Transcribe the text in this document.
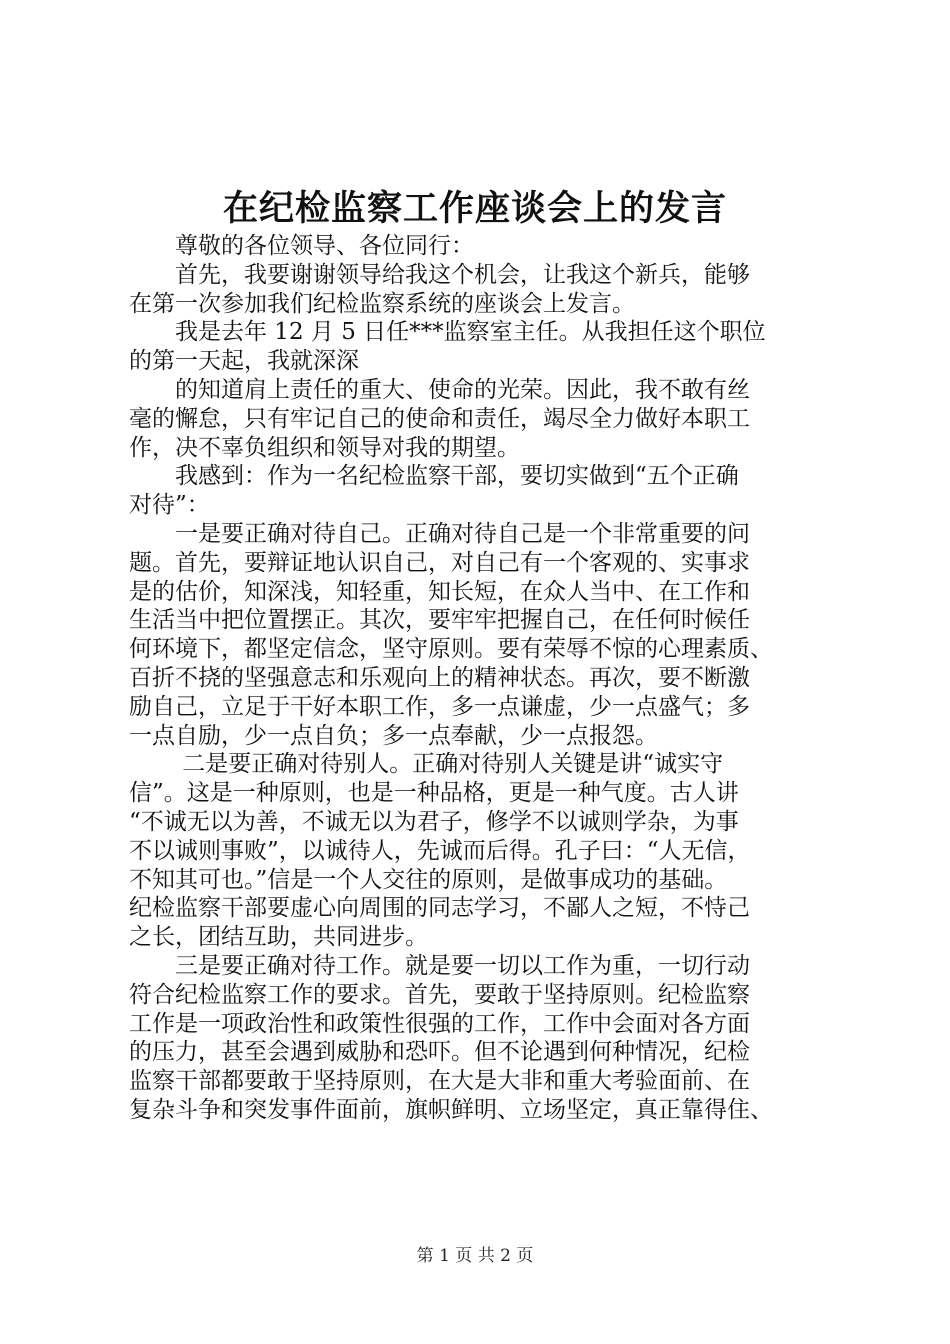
在纪检监察工作座谈会上的发言
　　尊敬的各位领导、各位同行：
　　首先，我要谢谢领导给我这个机会，让我这个新兵，能够
在第一次参加我们纪检监察系统的座谈会上发言。
　　我是去年 12 月 5 日任***监察室主任。从我担任这个职位
的第一天起，我就深深
　　的知道肩上责任的重大、使命的光荣。因此，我不敢有丝
毫的懈怠，只有牢记自己的使命和责任，竭尽全力做好本职工
作，决不辜负组织和领导对我的期望。
　　我感到：作为一名纪检监察干部，要切实做到“五个正确
对待”：
　　一是要正确对待自己。正确对待自己是一个非常重要的问
题。首先，要辩证地认识自己，对自己有一个客观的、实事求
是的估价，知深浅，知轻重，知长短，在众人当中、在工作和
生活当中把位置摆正。其次，要牢牢把握自己，在任何时候任
何环境下，都坚定信念，坚守原则。要有荣辱不惊的心理素质、
百折不挠的坚强意志和乐观向上的精神状态。再次，要不断激
励自己，立足于干好本职工作，多一点谦虚，少一点盛气；多
一点自励，少一点自负；多一点奉献，少一点报怨。
　　 二是要正确对待别人。正确对待别人关键是讲“诚实守
信”。这是一种原则，也是一种品格，更是一种气度。古人讲
“不诚无以为善，不诚无以为君子，修学不以诚则学杂，为事
不以诚则事败”，以诚待人，先诚而后得。孔子曰：“人无信，
不知其可也。”信是一个人交往的原则，是做事成功的基础。
纪检监察干部要虚心向周围的同志学习，不鄙人之短，不恃己
之长，团结互助，共同进步。
　　三是要正确对待工作。就是要一切以工作为重，一切行动
符合纪检监察工作的要求。首先，要敢于坚持原则。纪检监察
工作是一项政治性和政策性很强的工作，工作中会面对各方面
的压力，甚至会遇到威胁和恐吓。但不论遇到何种情况，纪检
监察干部都要敢于坚持原则，在大是大非和重大考验面前、在
复杂斗争和突发事件面前，旗帜鲜明、立场坚定，真正靠得住、
第 1 页 共 2 页
